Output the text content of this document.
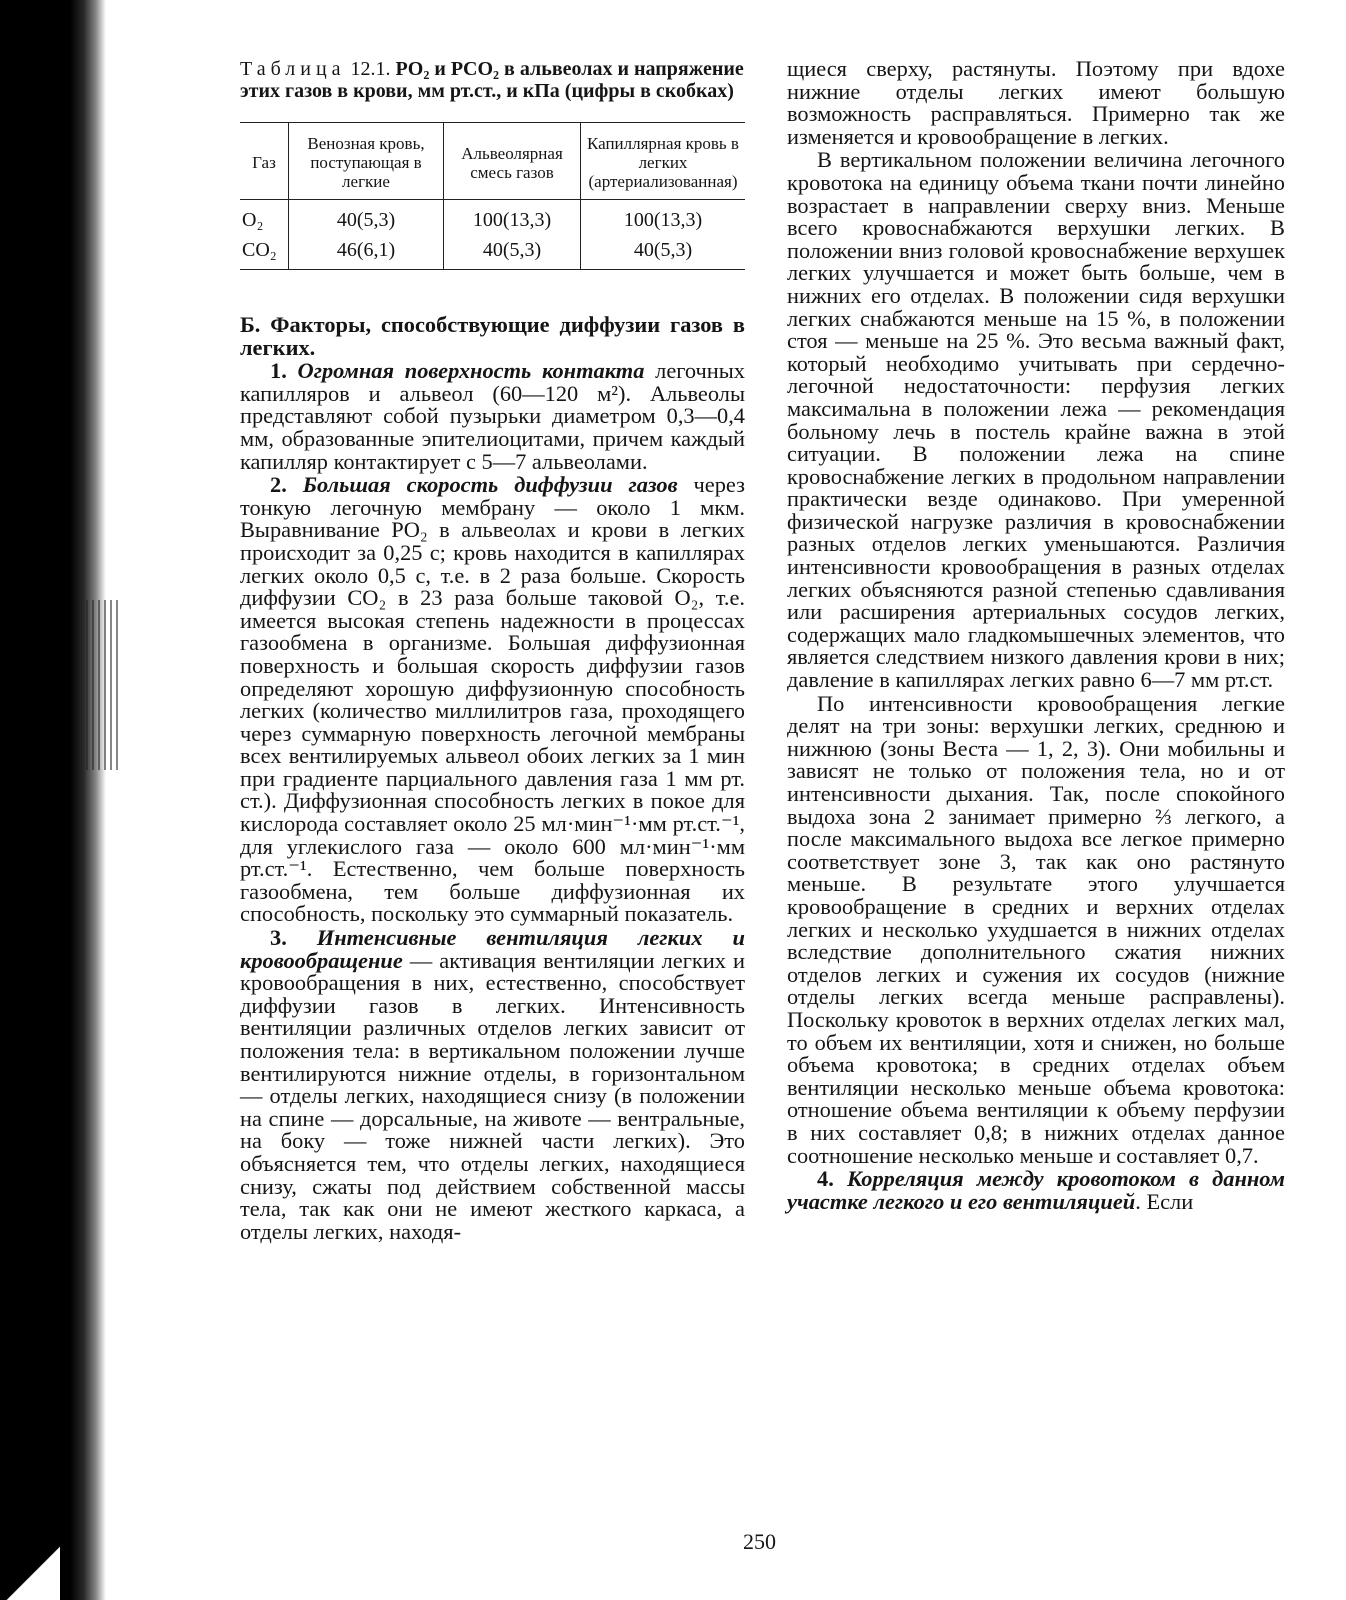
Таблица 12.1. PO₂ и PCO₂ в альвеолах и напряжение этих газов в крови, мм рт.ст., и кПа (цифры в скобках)

Газ	Венозная кровь, поступающая в легкие	Альвеолярная смесь газов	Капиллярная кровь в легких (артериализованная)
O₂	40(5,3)	100(13,3)	100(13,3)
CO₂	46(6,1)	40(5,3)	40(5,3)

Б. Факторы, способствующие диффузии газов в легких.

1. Огромная поверхность контакта легочных капилляров и альвеол (60—120 м²). Альвеолы представляют собой пузырьки диаметром 0,3—0,4 мм, образованные эпителиоцитами, причем каждый капилляр контактирует с 5—7 альвеолами.

2. Большая скорость диффузии газов через тонкую легочную мембрану — около 1 мкм. Выравнивание PO₂ в альвеолах и крови в легких происходит за 0,25 с; кровь находится в капиллярах легких около 0,5 с, т.е. в 2 раза больше. Скорость диффузии CO₂ в 23 раза больше таковой O₂, т.е. имеется высокая степень надежности в процессах газообмена в организме. Большая диффузионная поверхность и большая скорость диффузии газов определяют хорошую диффузионную способность легких (количество миллилитров газа, проходящего через суммарную поверхность легочной мембраны всех вентилируемых альвеол обоих легких за 1 мин при градиенте парциального давления газа 1 мм рт. ст.). Диффузионная способность легких в покое для кислорода составляет около 25 мл·мин⁻¹·мм рт.ст.⁻¹, для углекислого газа — около 600 мл·мин⁻¹·мм рт.ст.⁻¹. Естественно, чем больше поверхность газообмена, тем больше диффузионная их способность, поскольку это суммарный показатель.

3. Интенсивные вентиляция легких и кровообращение — активация вентиляции легких и кровообращения в них, естественно, способствует диффузии газов в легких. Интенсивность вентиляции различных отделов легких зависит от положения тела: в вертикальном положении лучше вентилируются нижние отделы, в горизонтальном — отделы легких, находящиеся снизу (в положении на спине — дорсальные, на животе — вентральные, на боку — тоже нижней части легких). Это объясняется тем, что отделы легких, находящиеся снизу, сжаты под действием собственной массы тела, так как они не имеют жесткого каркаса, а отделы легких, находя-

щиеся сверху, растянуты. Поэтому при вдохе нижние отделы легких имеют большую возможность расправляться. Примерно так же изменяется и кровообращение в легких.

В вертикальном положении величина легочного кровотока на единицу объема ткани почти линейно возрастает в направлении сверху вниз. Меньше всего кровоснабжаются верхушки легких. В положении вниз головой кровоснабжение верхушек легких улучшается и может быть больше, чем в нижних его отделах. В положении сидя верхушки легких снабжаются меньше на 15 %, в положении стоя — меньше на 25 %. Это весьма важный факт, который необходимо учитывать при сердечно-легочной недостаточности: перфузия легких максимальна в положении лежа — рекомендация больному лечь в постель крайне важна в этой ситуации. В положении лежа на спине кровоснабжение легких в продольном направлении практически везде одинаково. При умеренной физической нагрузке различия в кровоснабжении разных отделов легких уменьшаются. Различия интенсивности кровообращения в разных отделах легких объясняются разной степенью сдавливания или расширения артериальных сосудов легких, содержащих мало гладкомышечных элементов, что является следствием низкого давления крови в них; давление в капиллярах легких равно 6—7 мм рт.ст.

По интенсивности кровообращения легкие делят на три зоны: верхушки легких, среднюю и нижнюю (зоны Веста — 1, 2, 3). Они мобильны и зависят не только от положения тела, но и от интенсивности дыхания. Так, после спокойного выдоха зона 2 занимает примерно ⅔ легкого, а после максимального выдоха все легкое примерно соответствует зоне 3, так как оно растянуто меньше. В результате этого улучшается кровообращение в средних и верхних отделах легких и несколько ухудшается в нижних отделах вследствие дополнительного сжатия нижних отделов легких и сужения их сосудов (нижние отделы легких всегда меньше расправлены). Поскольку кровоток в верхних отделах легких мал, то объем их вентиляции, хотя и снижен, но больше объема кровотока; в средних отделах объем вентиляции несколько меньше объема кровотока: отношение объема вентиляции к объему перфузии в них составляет 0,8; в нижних отделах данное соотношение несколько меньше и составляет 0,7.

4. Корреляция между кровотоком в данном участке легкого и его вентиляцией. Если

250
